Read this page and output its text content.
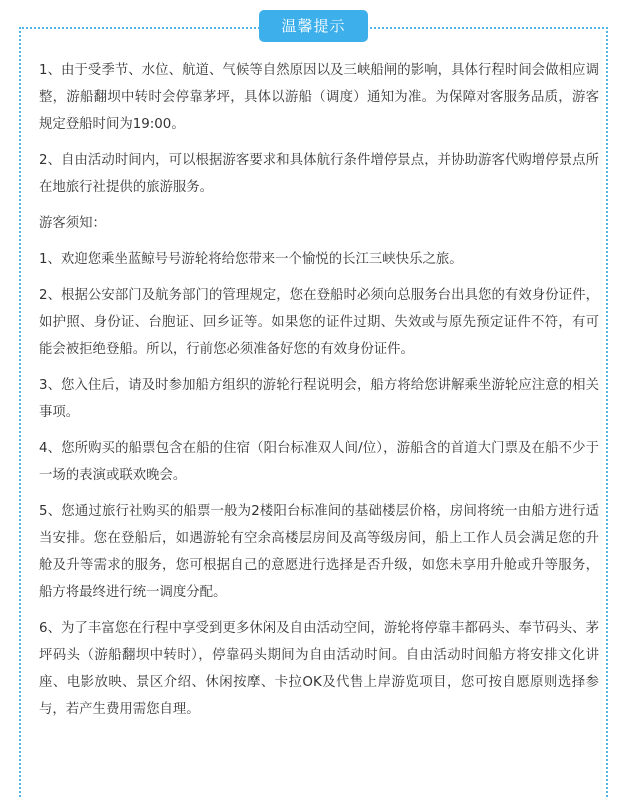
温馨提示

1、由于受季节、水位、航道、气候等自然原因以及三峡船闸的影响，具体行程时间会做相应调整，游船翻坝中转时会停靠茅坪，具体以游船（调度）通知为准。为保障对客服务品质，游客规定登船时间为19:00。

2、自由活动时间内，可以根据游客要求和具体航行条件增停景点，并协助游客代购增停景点所在地旅行社提供的旅游服务。

游客须知：

1、欢迎您乘坐蓝鲸号号游轮将给您带来一个愉悦的长江三峡快乐之旅。

2、根据公安部门及航务部门的管理规定，您在登船时必须向总服务台出具您的有效身份证件，如护照、身份证、台胞证、回乡证等。如果您的证件过期、失效或与原先预定证件不符，有可能会被拒绝登船。所以，行前您必须准备好您的有效身份证件。

3、您入住后，请及时参加船方组织的游轮行程说明会，船方将给您讲解乘坐游轮应注意的相关事项。

4、您所购买的船票包含在船的住宿（阳台标准双人间/位），游船含的首道大门票及在船不少于一场的表演或联欢晚会。

5、您通过旅行社购买的船票一般为2楼阳台标准间的基础楼层价格，房间将统一由船方进行适当安排。您在登船后，如遇游轮有空余高楼层房间及高等级房间，船上工作人员会满足您的升舱及升等需求的服务，您可根据自己的意愿进行选择是否升级，如您未享用升舱或升等服务，船方将最终进行统一调度分配。

6、为了丰富您在行程中享受到更多休闲及自由活动空间，游轮将停靠丰都码头、奉节码头、茅坪码头（游船翻坝中转时），停靠码头期间为自由活动时间。自由活动时间船方将安排文化讲座、电影放映、景区介绍、休闲按摩、卡拉OK及代售上岸游览项目，您可按自愿原则选择参与，若产生费用需您自理。
